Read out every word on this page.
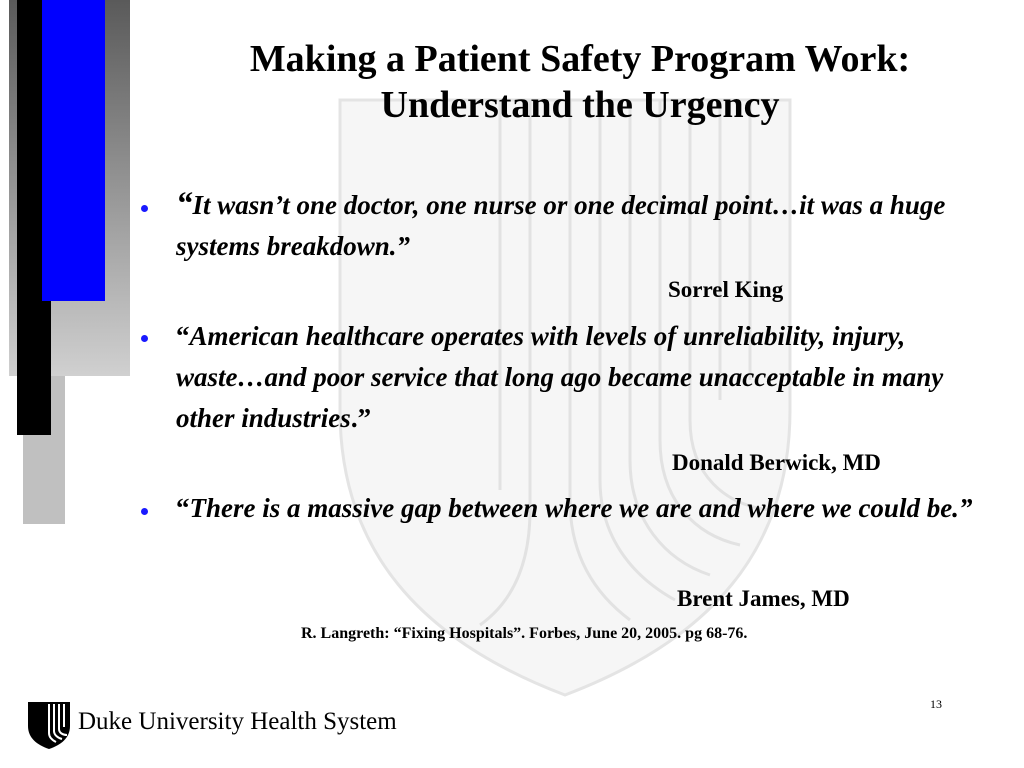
Making a Patient Safety Program Work:
Understand the Urgency
“It wasn’t one doctor, one nurse or one decimal point…it was a huge systems breakdown.”
Sorrel King
“American healthcare operates with levels of unreliability, injury, waste…and poor service that long ago became unacceptable in many other industries.”
Donald Berwick, MD
“There is a massive gap between where we are and where we could be.”
Brent James, MD
R. Langreth: “Fixing Hospitals”. Forbes, June 20, 2005. pg 68-76.
13
Duke University Health System
